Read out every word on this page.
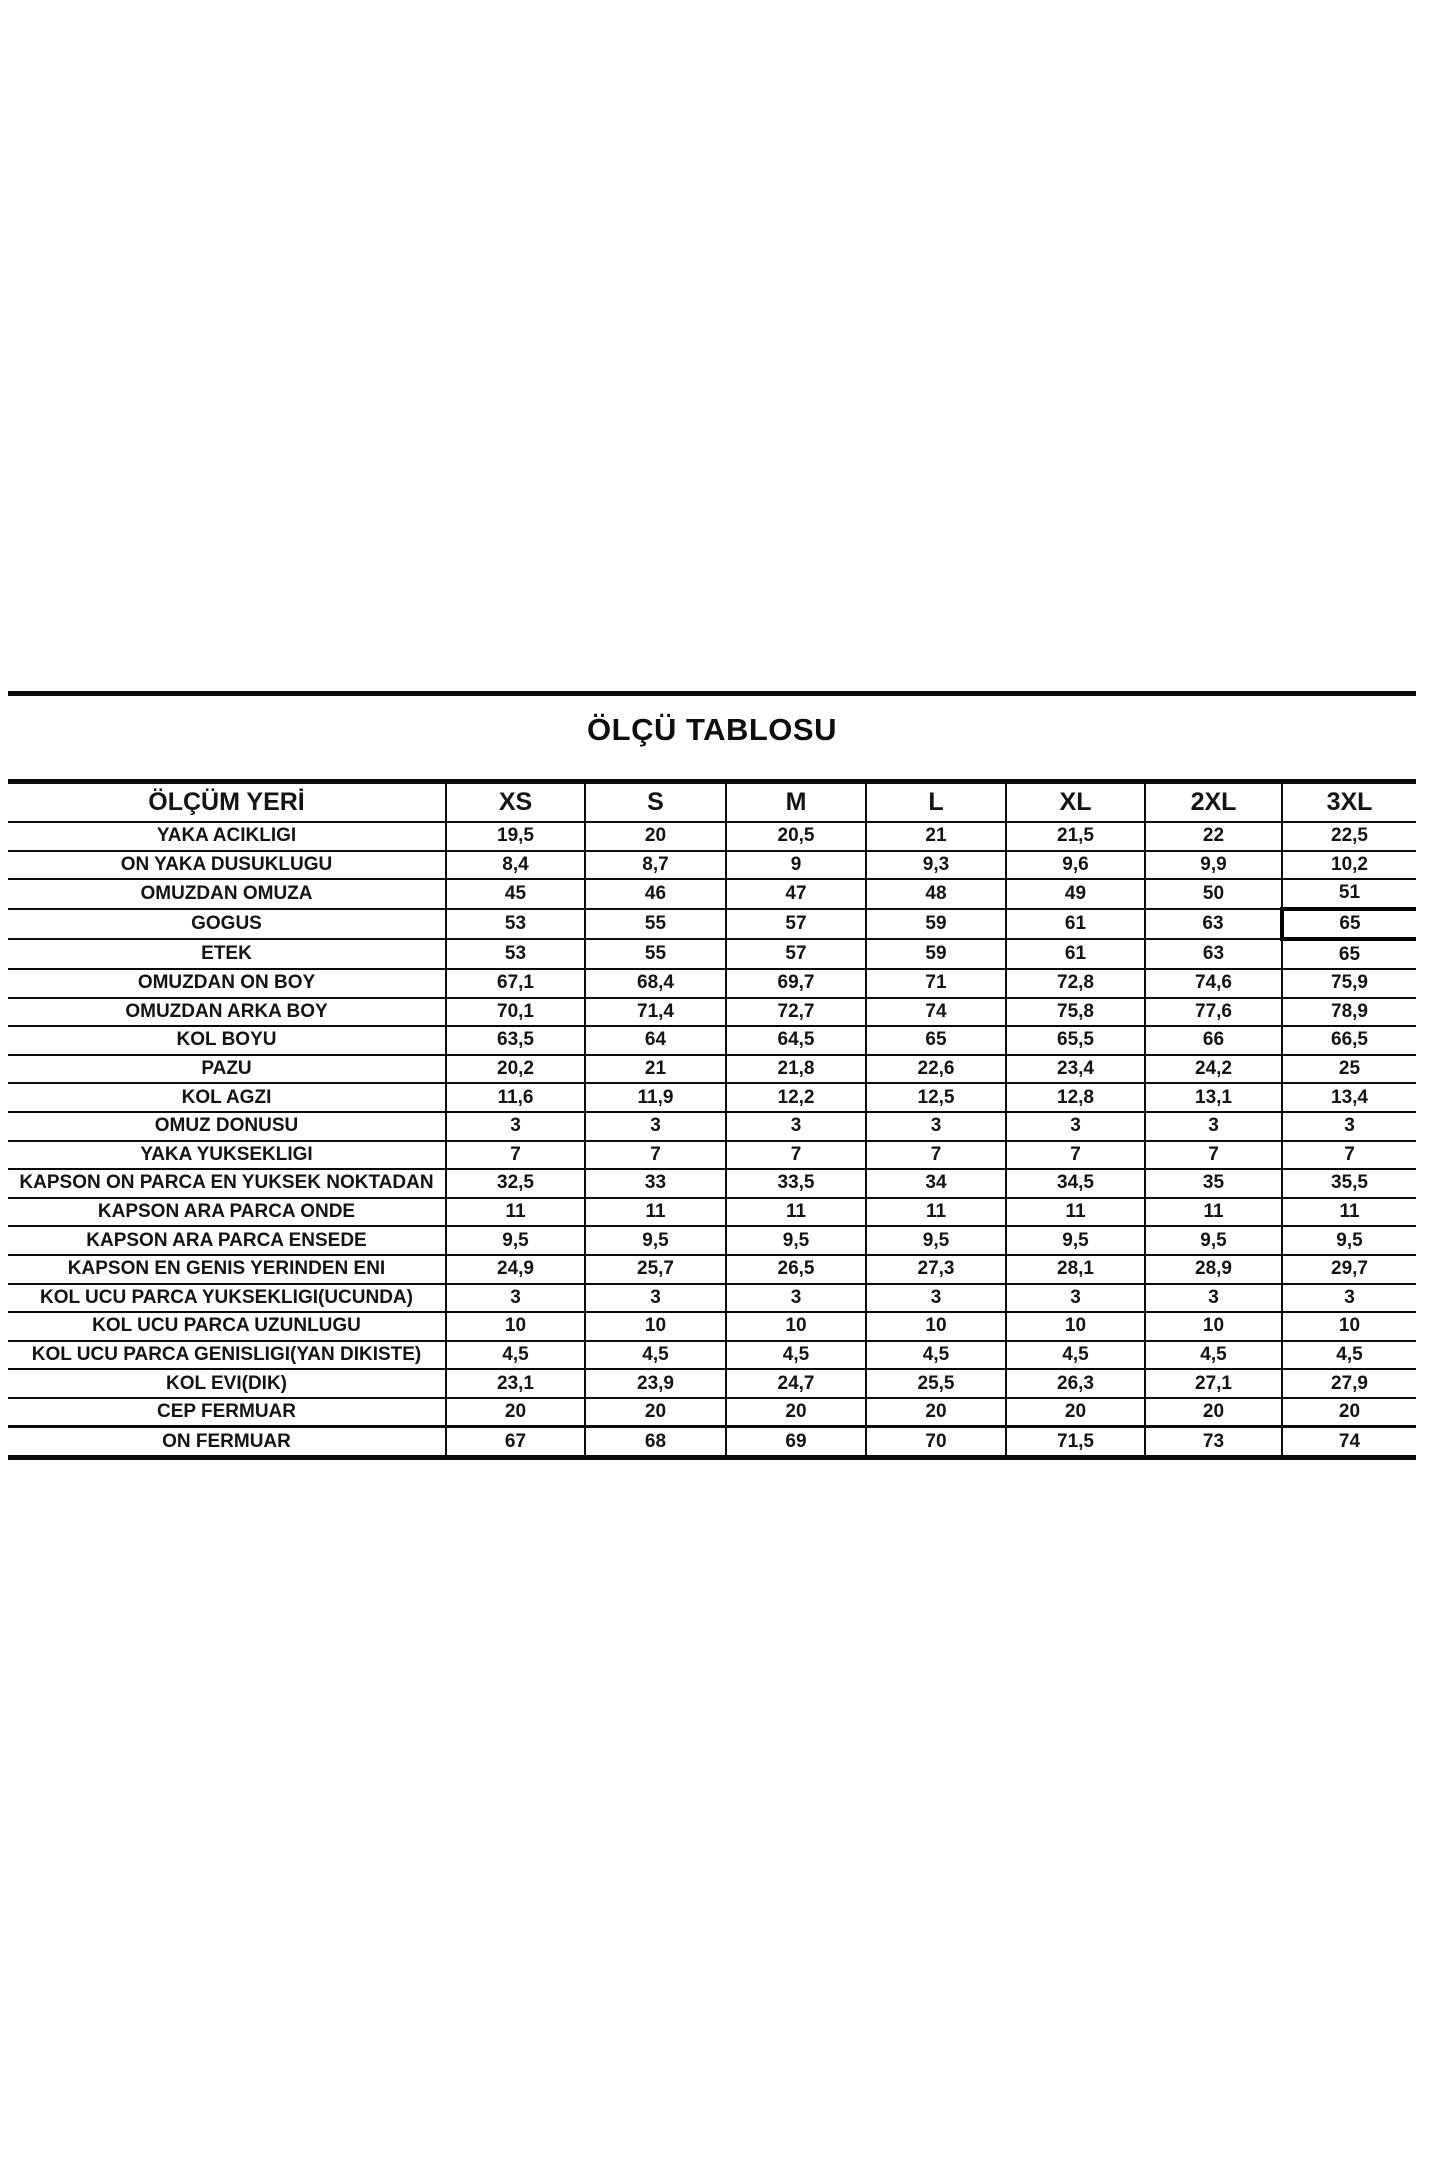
ÖLÇÜ TABLOSU
ÖLÇÜM YERİ	XS	S	M	L	XL	2XL	3XL
YAKA ACIKLIGI	19,5	20	20,5	21	21,5	22	22,5
ON YAKA DUSUKLUGU	8,4	8,7	9	9,3	9,6	9,9	10,2
OMUZDAN OMUZA	45	46	47	48	49	50	51
GOGUS	53	55	57	59	61	63	65
ETEK	53	55	57	59	61	63	65
OMUZDAN ON BOY	67,1	68,4	69,7	71	72,8	74,6	75,9
OMUZDAN ARKA BOY	70,1	71,4	72,7	74	75,8	77,6	78,9
KOL BOYU	63,5	64	64,5	65	65,5	66	66,5
PAZU	20,2	21	21,8	22,6	23,4	24,2	25
KOL AGZI	11,6	11,9	12,2	12,5	12,8	13,1	13,4
OMUZ DONUSU	3	3	3	3	3	3	3
YAKA YUKSEKLIGI	7	7	7	7	7	7	7
KAPSON ON PARCA EN YUKSEK NOKTADAN	32,5	33	33,5	34	34,5	35	35,5
KAPSON ARA PARCA ONDE	11	11	11	11	11	11	11
KAPSON ARA PARCA ENSEDE	9,5	9,5	9,5	9,5	9,5	9,5	9,5
KAPSON EN GENIS YERINDEN ENI	24,9	25,7	26,5	27,3	28,1	28,9	29,7
KOL UCU PARCA YUKSEKLIGI(UCUNDA)	3	3	3	3	3	3	3
KOL UCU PARCA UZUNLUGU	10	10	10	10	10	10	10
KOL UCU PARCA GENISLIGI(YAN DIKISTE)	4,5	4,5	4,5	4,5	4,5	4,5	4,5
KOL EVI(DIK)	23,1	23,9	24,7	25,5	26,3	27,1	27,9
CEP FERMUAR	20	20	20	20	20	20	20
ON FERMUAR	67	68	69	70	71,5	73	74
